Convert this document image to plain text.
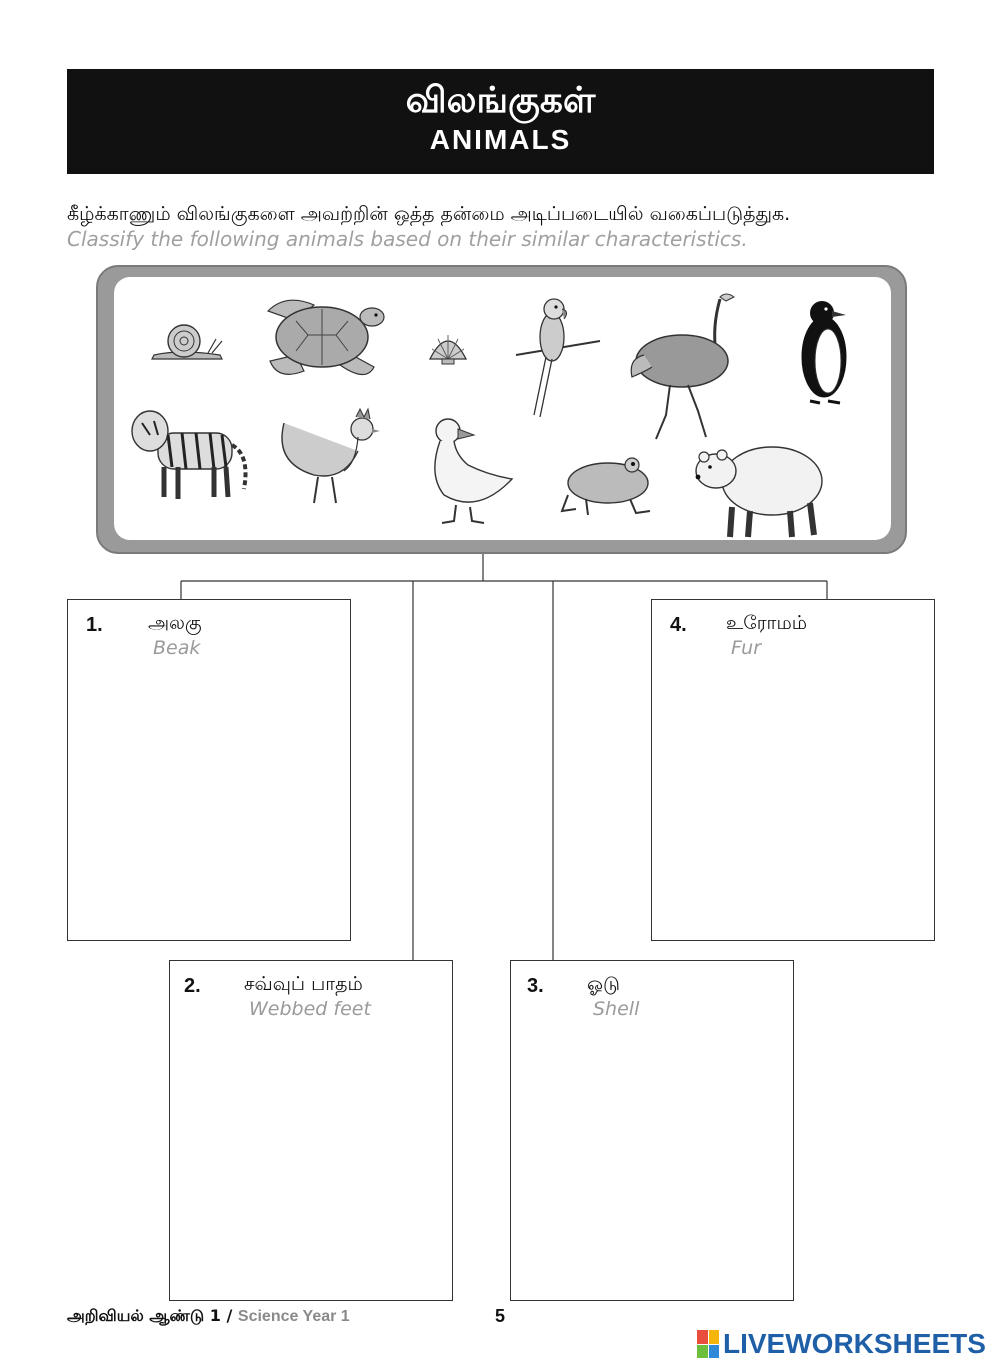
விலங்குகள்
ANIMALS
கீழ்க்காணும் விலங்குகளை அவற்றின் ஒத்த தன்மை அடிப்படையில் வகைப்படுத்துக.
Classify the following animals based on their similar characteristics.
1. அலகு
Beak
4. உரோமம்
Fur
2. சவ்வுப் பாதம்
Webbed feet
3. ஓடு
Shell
அறிவியல் ஆண்டு 1 / Science Year 1	5
LIVEWORKSHEETS
